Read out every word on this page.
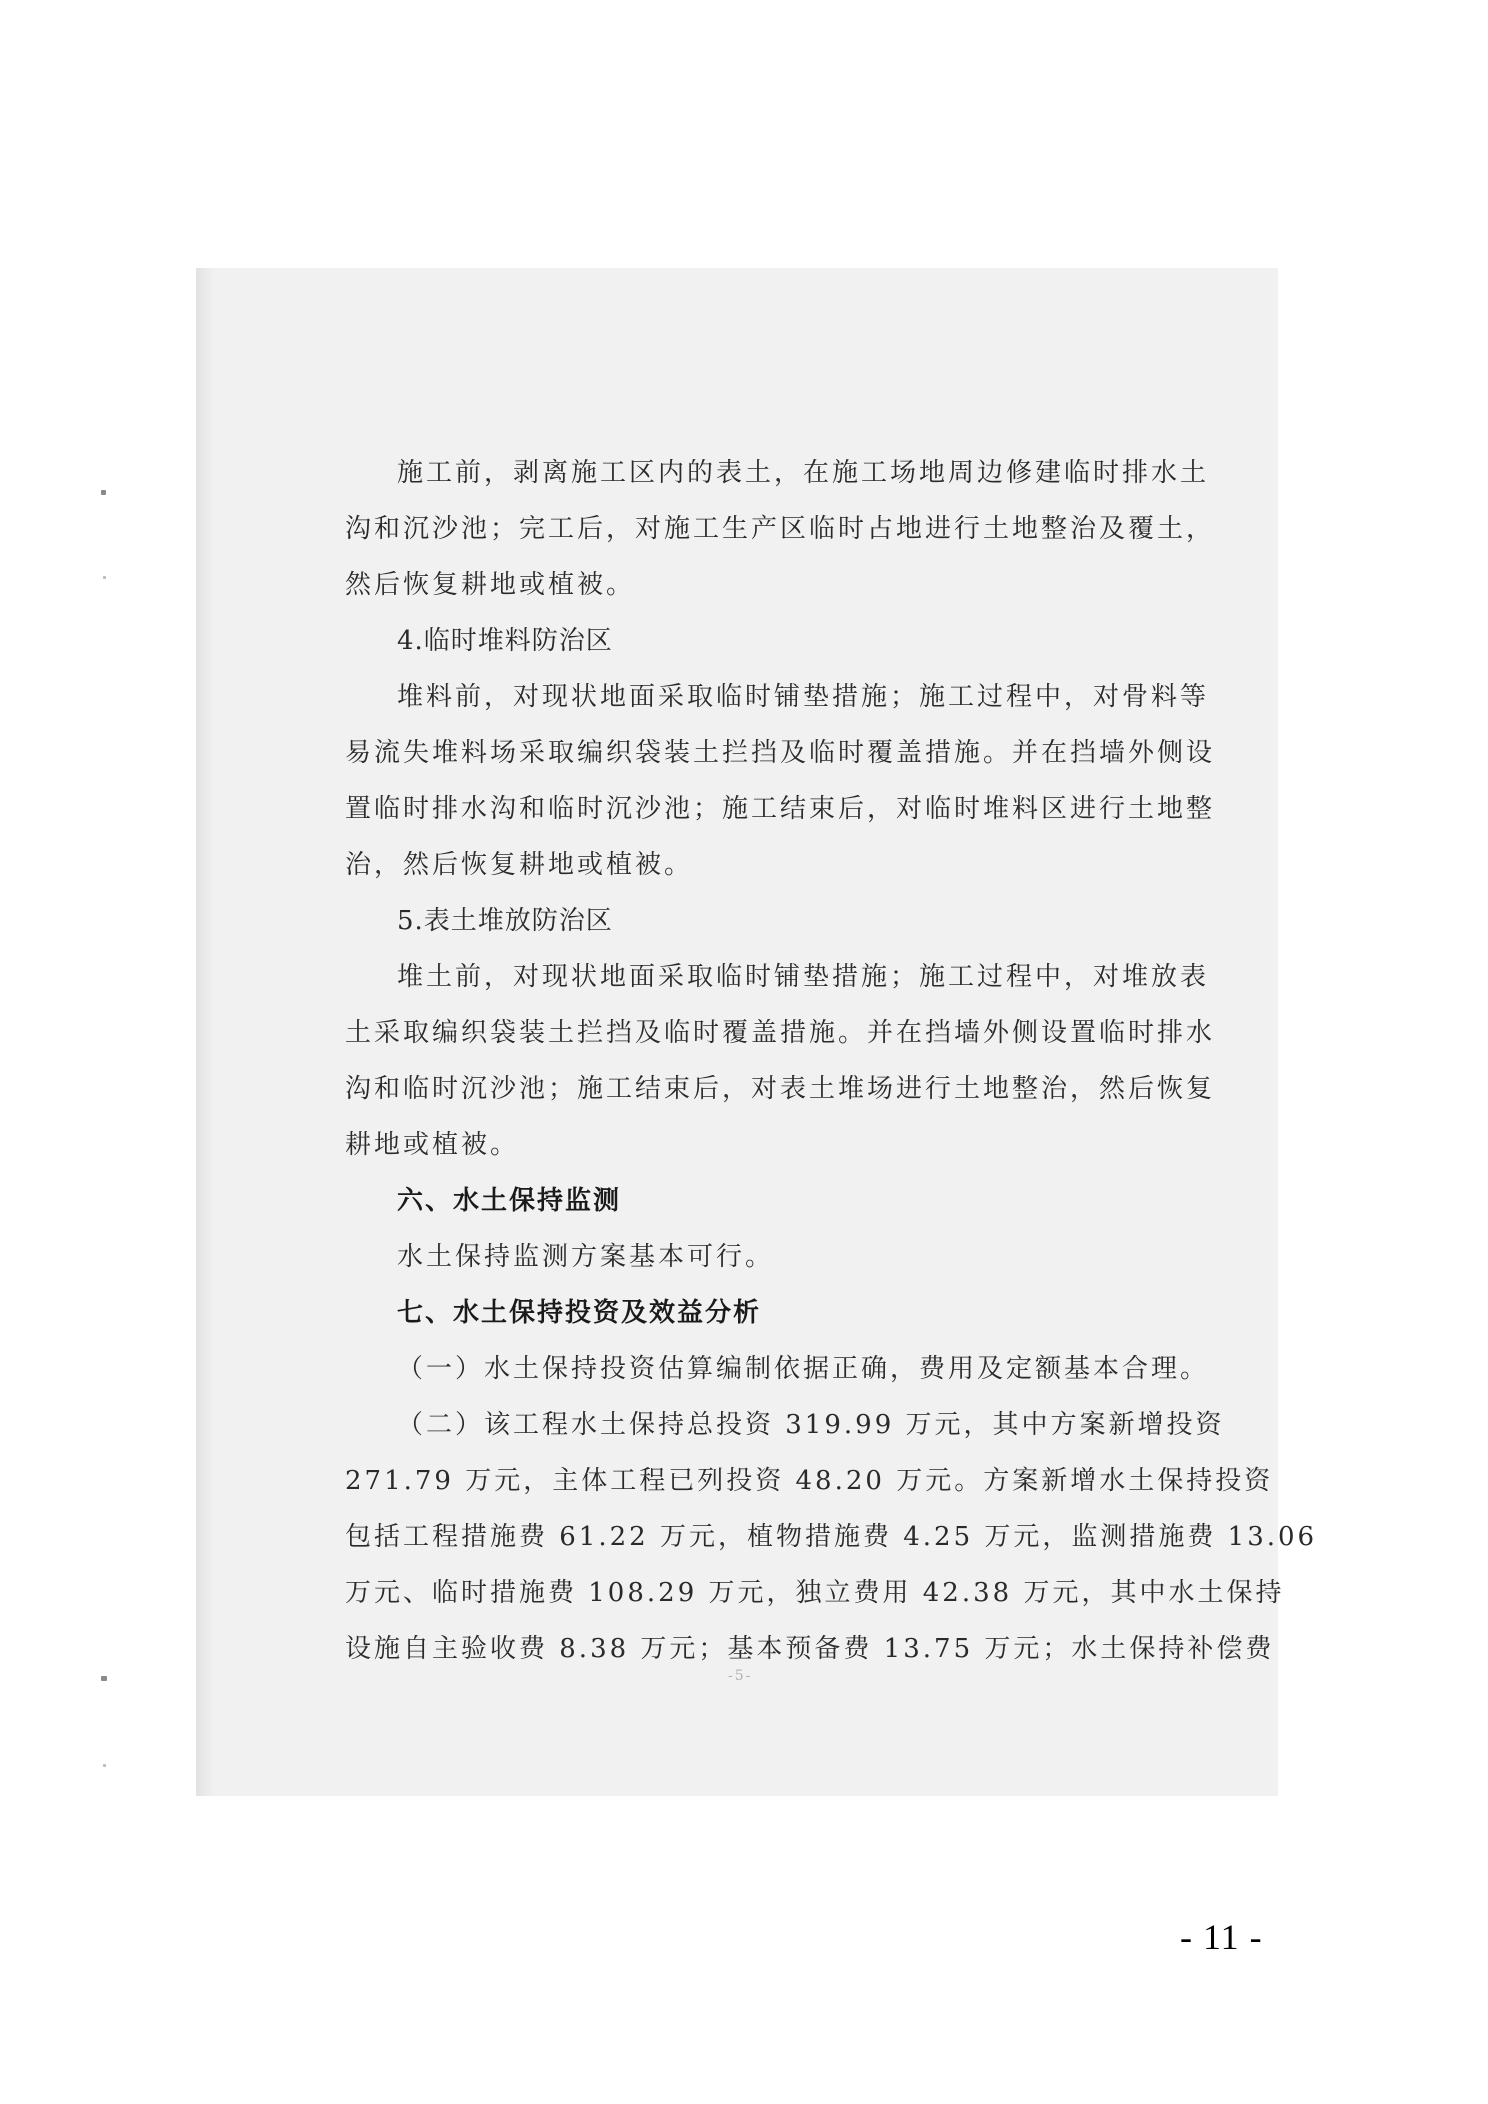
施工前，剥离施工区内的表土，在施工场地周边修建临时排水土
沟和沉沙池；完工后，对施工生产区临时占地进行土地整治及覆土，
然后恢复耕地或植被。
4.临时堆料防治区
堆料前，对现状地面采取临时铺垫措施；施工过程中，对骨料等
易流失堆料场采取编织袋装土拦挡及临时覆盖措施。并在挡墙外侧设
置临时排水沟和临时沉沙池；施工结束后，对临时堆料区进行土地整
治，然后恢复耕地或植被。
5.表土堆放防治区
堆土前，对现状地面采取临时铺垫措施；施工过程中，对堆放表
土采取编织袋装土拦挡及临时覆盖措施。并在挡墙外侧设置临时排水
沟和临时沉沙池；施工结束后，对表土堆场进行土地整治，然后恢复
耕地或植被。
六、水土保持监测
水土保持监测方案基本可行。
七、水土保持投资及效益分析
（一）水土保持投资估算编制依据正确，费用及定额基本合理。
（二）该工程水土保持总投资 319.99 万元，其中方案新增投资
271.79 万元，主体工程已列投资 48.20 万元。方案新增水土保持投资
包括工程措施费 61.22 万元，植物措施费 4.25 万元，监测措施费 13.06
万元、临时措施费 108.29 万元，独立费用 42.38 万元，其中水土保持
设施自主验收费 8.38 万元；基本预备费 13.75 万元；水土保持补偿费
-5-
- 11 -
